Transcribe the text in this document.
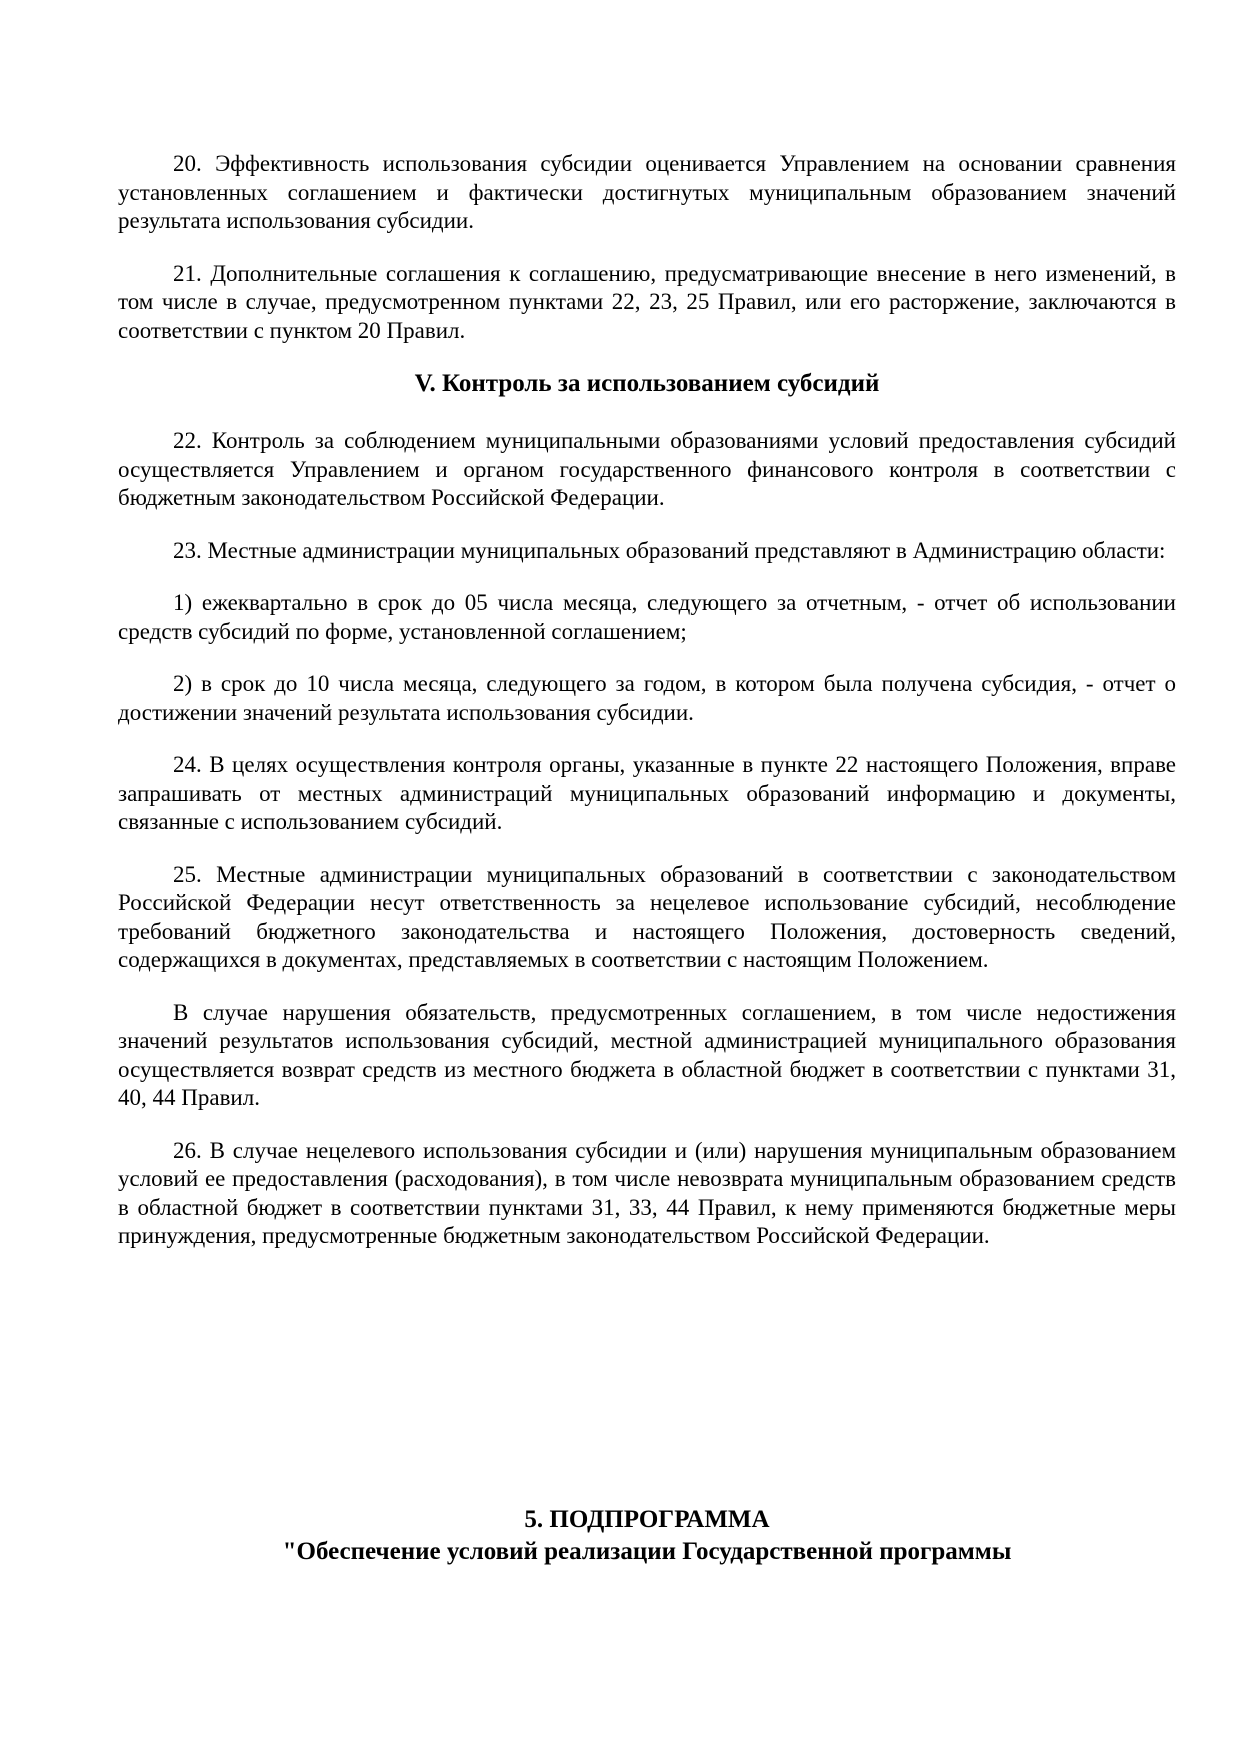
20. Эффективность использования субсидии оценивается Управлением на основании сравнения установленных соглашением и фактически достигнутых муниципальным образованием значений результата использования субсидии.

21. Дополнительные соглашения к соглашению, предусматривающие внесение в него изменений, в том числе в случае, предусмотренном пунктами 22, 23, 25 Правил, или его расторжение, заключаются в соответствии с пунктом 20 Правил.

V. Контроль за использованием субсидий

22. Контроль за соблюдением муниципальными образованиями условий предоставления субсидий осуществляется Управлением и органом государственного финансового контроля в соответствии с бюджетным законодательством Российской Федерации.

23. Местные администрации муниципальных образований представляют в Администрацию области:

1) ежеквартально в срок до 05 числа месяца, следующего за отчетным, - отчет об использовании средств субсидий по форме, установленной соглашением;

2) в срок до 10 числа месяца, следующего за годом, в котором была получена субсидия, - отчет о достижении значений результата использования субсидии.

24. В целях осуществления контроля органы, указанные в пункте 22 настоящего Положения, вправе запрашивать от местных администраций муниципальных образований информацию и документы, связанные с использованием субсидий.

25. Местные администрации муниципальных образований в соответствии с законодательством Российской Федерации несут ответственность за нецелевое использование субсидий, несоблюдение требований бюджетного законодательства и настоящего Положения, достоверность сведений, содержащихся в документах, представляемых в соответствии с настоящим Положением.

В случае нарушения обязательств, предусмотренных соглашением, в том числе недостижения значений результатов использования субсидий, местной администрацией муниципального образования осуществляется возврат средств из местного бюджета в областной бюджет в соответствии с пунктами 31, 40, 44 Правил.

26. В случае нецелевого использования субсидии и (или) нарушения муниципальным образованием условий ее предоставления (расходования), в том числе невозврата муниципальным образованием средств в областной бюджет в соответствии пунктами 31, 33, 44 Правил, к нему применяются бюджетные меры принуждения, предусмотренные бюджетным законодательством Российской Федерации.

5. ПОДПРОГРАММА
"Обеспечение условий реализации Государственной программы
